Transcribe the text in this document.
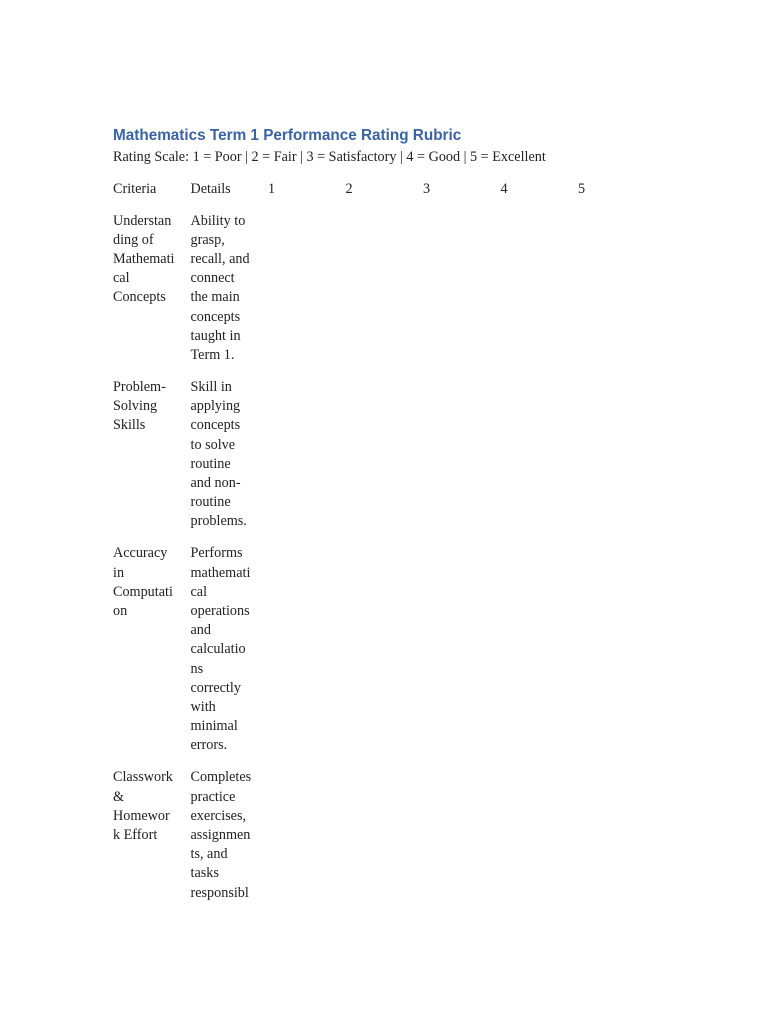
Mathematics Term 1 Performance Rating Rubric
Rating Scale: 1 = Poor | 2 = Fair | 3 = Satisfactory | 4 = Good | 5 = Excellent
Criteria	Details	1	2	3	4	5
Understanding of Mathematical Concepts	Ability to grasp, recall, and connect the main concepts taught in Term 1.					
Problem-Solving Skills	Skill in applying concepts to solve routine and non-routine problems.					
Accuracy in Computation	Performs mathematical operations and calculations correctly with minimal errors.					
Classwork & Homework Effort	Completes practice exercises, assignments, and tasks responsibl					
